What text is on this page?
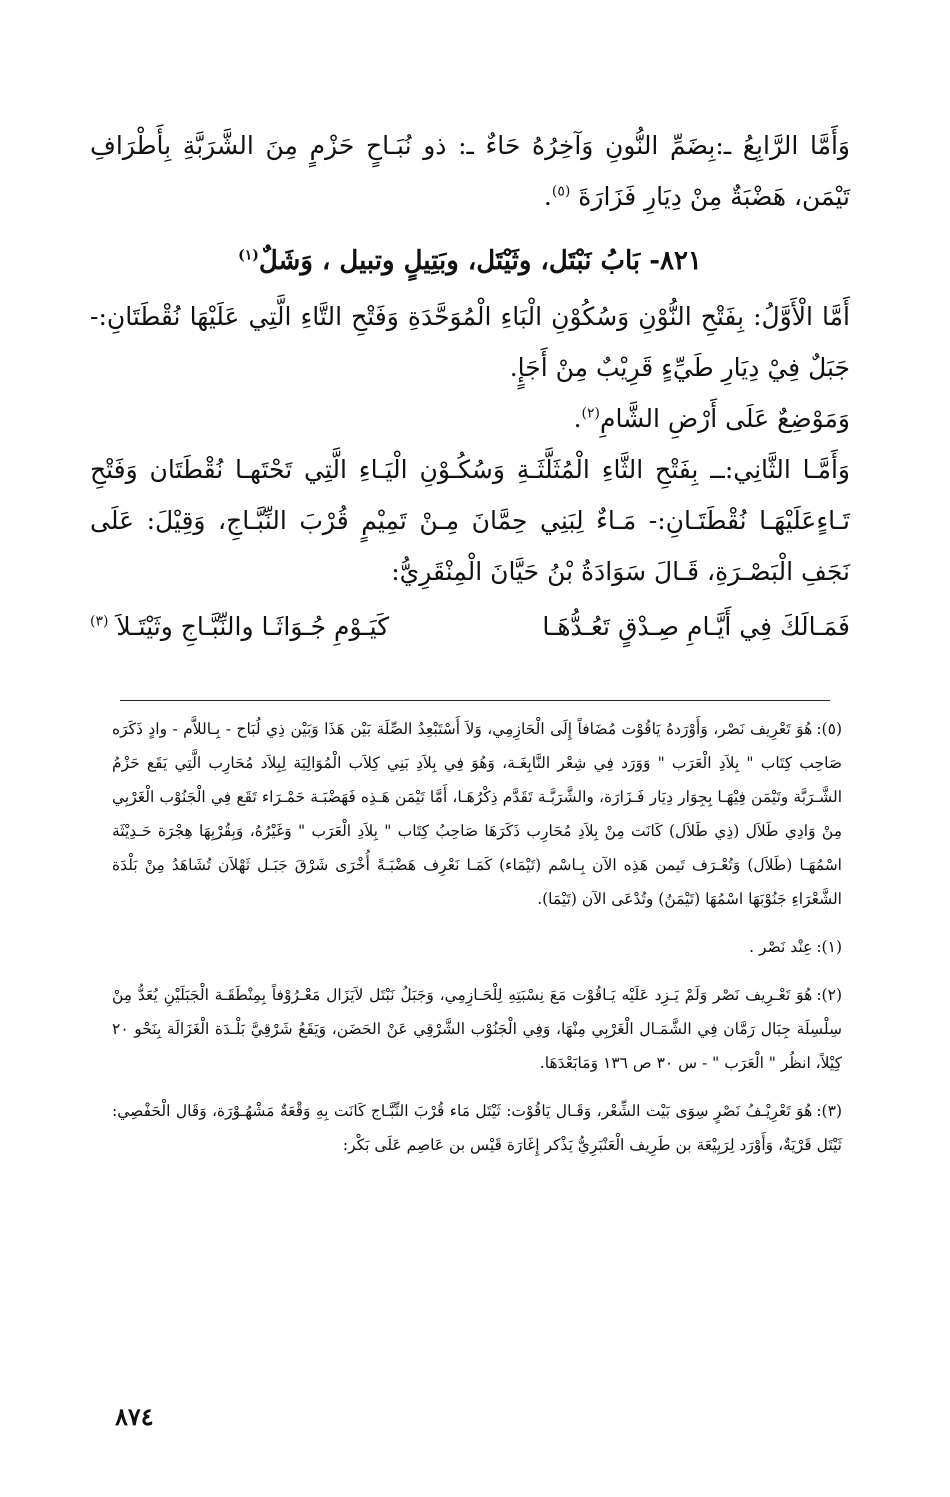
وَأَمَّا الرَّابِعُ ـ:بِضَمِّ النُّونِ وَآخِرُهُ حَاءٌ ـ: ذو نُبَـاحٍ حَزْمٍ مِنَ الشَّرَبَّةِ بِأَطْرَافِ تَيْمَن، هَضْبَةٌ مِنْ دِيَارِ فَزَارَةَ $^{(٥)}$.

٨٢١- بَابُ نَبْتَل، وثَيْتَل، وبَتِيلٍ وتبيل ، وَشَلٌ$^{(١)}$

أَمَّا الْأَوَّلُ: بِفَتْحِ النُّوْنِ وَسُكُوْنِ الْبَاءِ الْمُوَحَّدَةِ وَفَتْحِ التَّاءِ الَّتِي عَلَيْهَا نُقْطَتَانِ:- جَبَلٌ فِيْ دِيَارِ طَيِّءٍ قَرِيْبٌ مِنْ أَجَإٍ.

وَمَوْضِعٌ عَلَى أَرْضِ الشَّامِ$^{(٢)}$.

وَأَمَّـا الثَّانِي:ــ بِفَتْحِ الثَّاءِ الْمُثَلَّثَـةِ وَسُكُـوْنِ الْيَـاءِ الَّتِي تَحْتَهـا نُقْطَتَان وَفَتْحِ تَـاءٍعَلَيْهَـا نُقْطَتَـانِ:- مَـاءٌ لِبَنِي حِمَّانَ مِـنْ تَمِيْمٍ قُرْبَ النِّبَّـاجِ، وَقِيْلَ: عَلَى نَجَفِ الْبَصْـرَةِ، قَـالَ سَوَادَةُ بْنُ حَيَّانَ الْمِنْقَرِيُّ:

فَمَـالَكَ فِي أَيَّـامِ صِـدْقٍ تَعُـدُّهَـا
كَيَـوْمِ جُـوَاثَـا والنِّبَّـاجِ وثَيْتَـلاَ $^{(٣)}$

(٥):هُوَ تَعْرِيف نَصْر، وَأَوْرَدهُ يَاقُوْت مُضَافاً إِلَى الْحَازِمِي، وَلاَ أَسْتَبْعِدُ الصِّلَة بَيْن هَذَا وَبَيْن ذِي لُبَاح - بِـاللاَّم - وادٍ ذَكَرَه صَاحِب كِتَاب " بِلاَدِ الْعَرَب " وَوَرَد فِي شِعْر النَّابِغَـة، وَهُوَ فِي بِلاَدِ بَنِي كِلاَب الْمُوَالِيَة لِبِلاَد مُحَارِب الَّتِي يَقَع حَزْمُ الشَّـرَبَّة وتَيْمَن فِيْهَـا بِجِوَار دِيَار فَـزَارَة، والشَّرَبَّـة تَقَدَّم ذِكْرُهَـا، أَمَّا تَيْمَن هَـذِه فَهَضْبَـة حَمْـرَاء تَقَع فِي الْجَنُوْب الْغَرْبِي مِنْ وَادِي طَلاَل (ذِي طَلاَل) كَانَت مِنْ بِلاَدِ مُحَارِب ذَكَرَهَا صَاحِبُ كِتَاب " بِلاَدِ الْعَرَب " وَغَيْرُهُ، وَبِقُرْبِهَا هِجْرَة حَـدِيْثَة اسْمُهَـا (طَلاَل) وَتُعْـرَف تَيمن هَذِه الآن بِـاسْم (تَيْمَاء) كَمَـا نَعْرِف هَضْبَـةً أُخْرَى شَرْقَ جَبَـل ثَهْلاَن تُشَاهَدُ مِنْ بَلْدَة الشَّعْرَاءِ جَنُوْبَهَا اسْمُهَا (تَيْمَنُ) وتُدْعَى الآن (تَيْمَا).

(١):عِنْد نَصْر .

(٢):هُوَ تَعْـرِيف نَصْر وَلَمْ يَـزِد عَلَيْه يَـاقُوْت مَعَ نِسْبَتِهِ لِلْحَـازِمِي، وَجَبَلُ نَبْتَل لاَيَزَال مَعْـرُوْفاً بِمِنْطَقَـة الْجَبَلَيْنِ يُعَدُّ مِنْ سِلْسِلَة جِبَال رَمَّان فِي الشَّمَـال الْغَرْبِي مِنْهَا، وَفِي الْجَنُوْب الشَّرْقِي عَنْ الحَضَن، وَيَقَعُ شَرْقِيَّ بَلْـدَة الْغَزَالَة بِنَحْو ٢٠ كِيْلاً، انظُر " الْعَرَب " - س ٣٠ ص ١٣٦ وَمَابَعْدَهَا.

(٣):هُوَ تَعْرِيْـفُ نَصْرٍ سِوَى بَيْت الشِّعْر، وَقَـال يَاقُوْت: ثَيْتَل مَاء قُرْبَ النِّبَّـاج كَانَت بِهِ وَقْعَةٌ مَشْهُـوْرَة، وَقَال الْحَفْصِي: ثَيْتَل قَرْيَةٌ، وَأَوْرَد لِرَبِيْعَة بن طَرِيف الْعَنْبَرِيُّ يَذْكر إِغَارَة قَيْس بن عَاصِم عَلَى بَكْر:

٨٧٤
